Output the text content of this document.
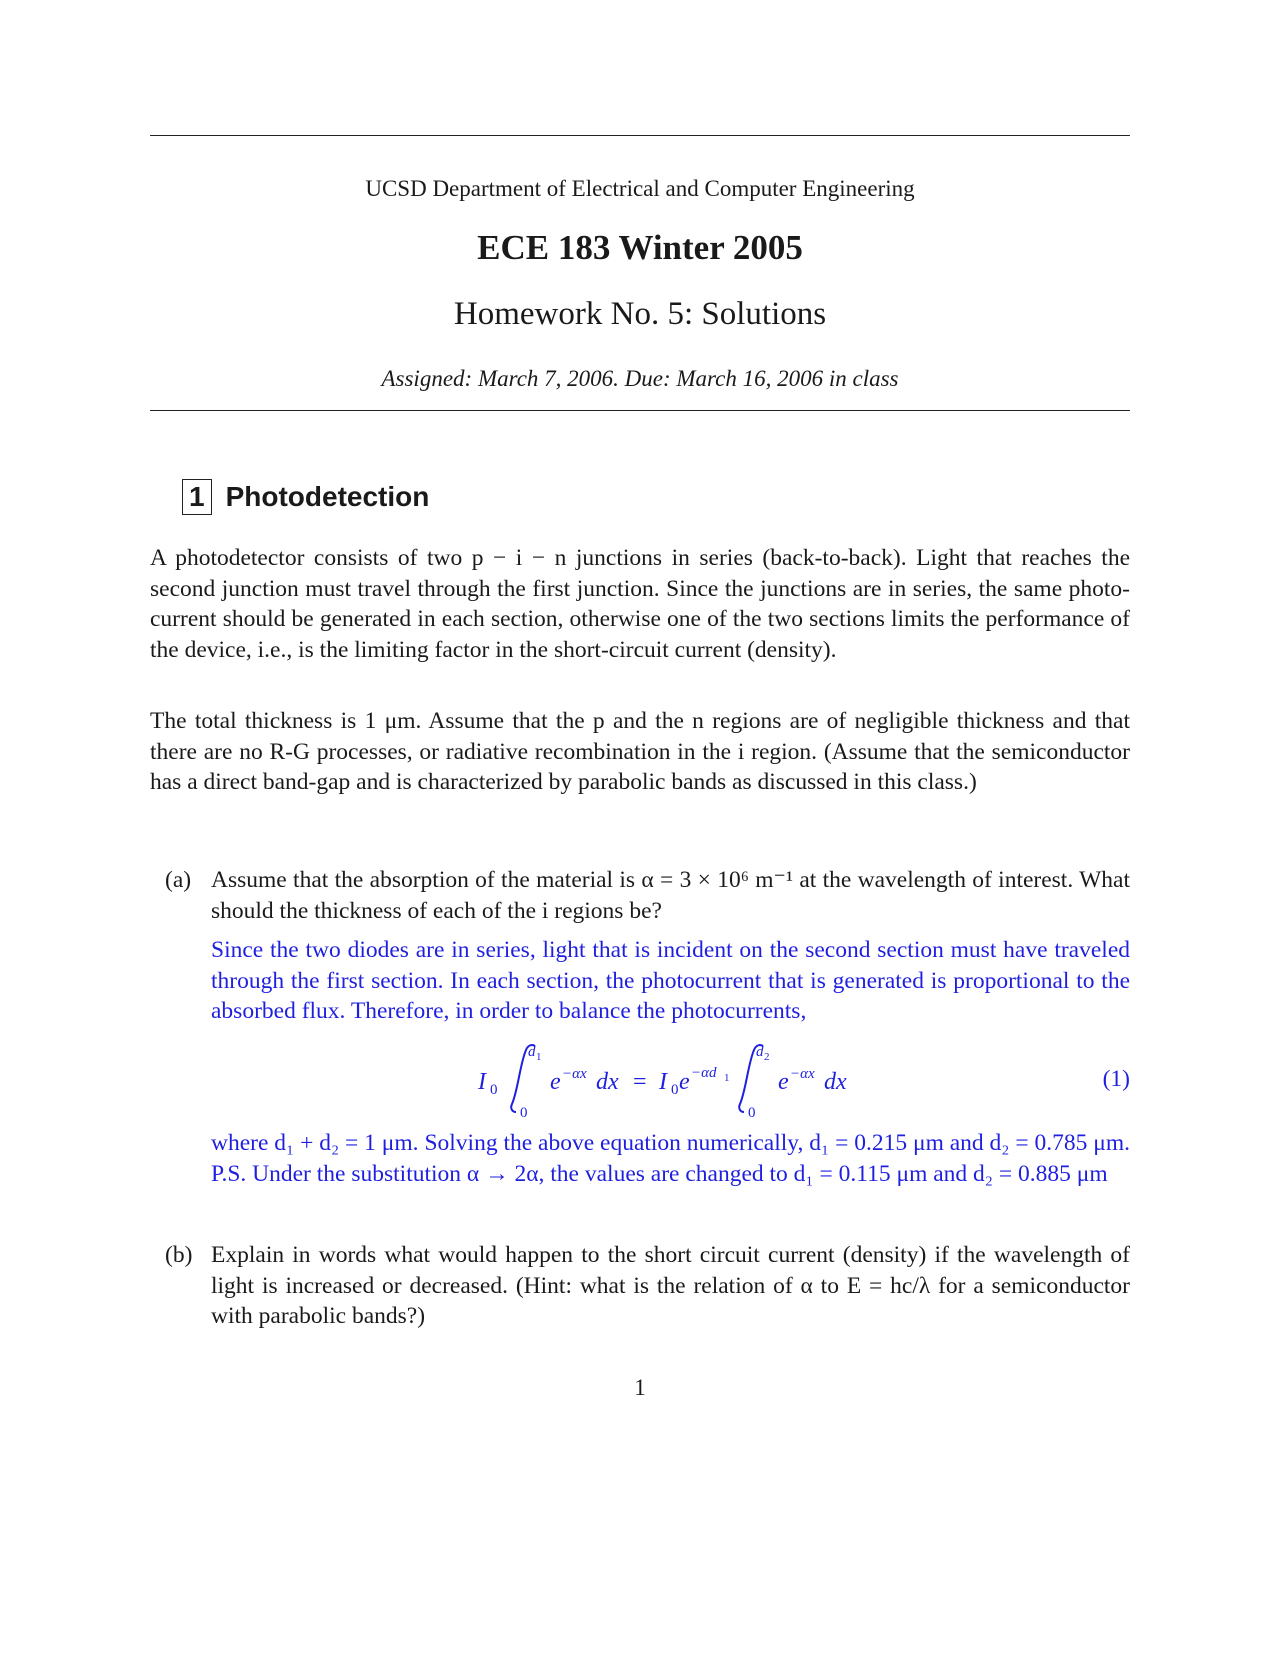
UCSD Department of Electrical and Computer Engineering
ECE 183 Winter 2005
Homework No. 5: Solutions
Assigned: March 7, 2006. Due: March 16, 2006 in class
1 Photodetection

A photodetector consists of two p − i − n junctions in series (back-to-back). Light that reaches the second junction must travel through the first junction. Since the junctions are in series, the same photo-current should be generated in each section, otherwise one of the two sections limits the performance of the device, i.e., is the limiting factor in the short-circuit current (density).

The total thickness is 1 μm. Assume that the p and the n regions are of negligible thickness and that there are no R-G processes, or radiative recombination in the i region. (Assume that the semiconductor has a direct band-gap and is characterized by parabolic bands as discussed in this class.)

(a) Assume that the absorption of the material is α = 3 × 10⁶ m⁻¹ at the wavelength of interest. What should the thickness of each of the i regions be?

Since the two diodes are in series, light that is incident on the second section must have traveled through the first section. In each section, the photocurrent that is generated is proportional to the absorbed flux. Therefore, in order to balance the photocurrents,

I 0
d 1
0
e −αx dx = I 0 e −αd 1
d 2
0
e −αx dx	(1)

where d₁ + d₂ = 1 μm. Solving the above equation numerically, d₁ = 0.215 μm and d₂ = 0.785 μm. P.S. Under the substitution α → 2α, the values are changed to d₁ = 0.115 μm and d₂ = 0.885 μm

(b) Explain in words what would happen to the short circuit current (density) if the wavelength of light is increased or decreased. (Hint: what is the relation of α to E = hc/λ for a semiconductor with parabolic bands?)
1
